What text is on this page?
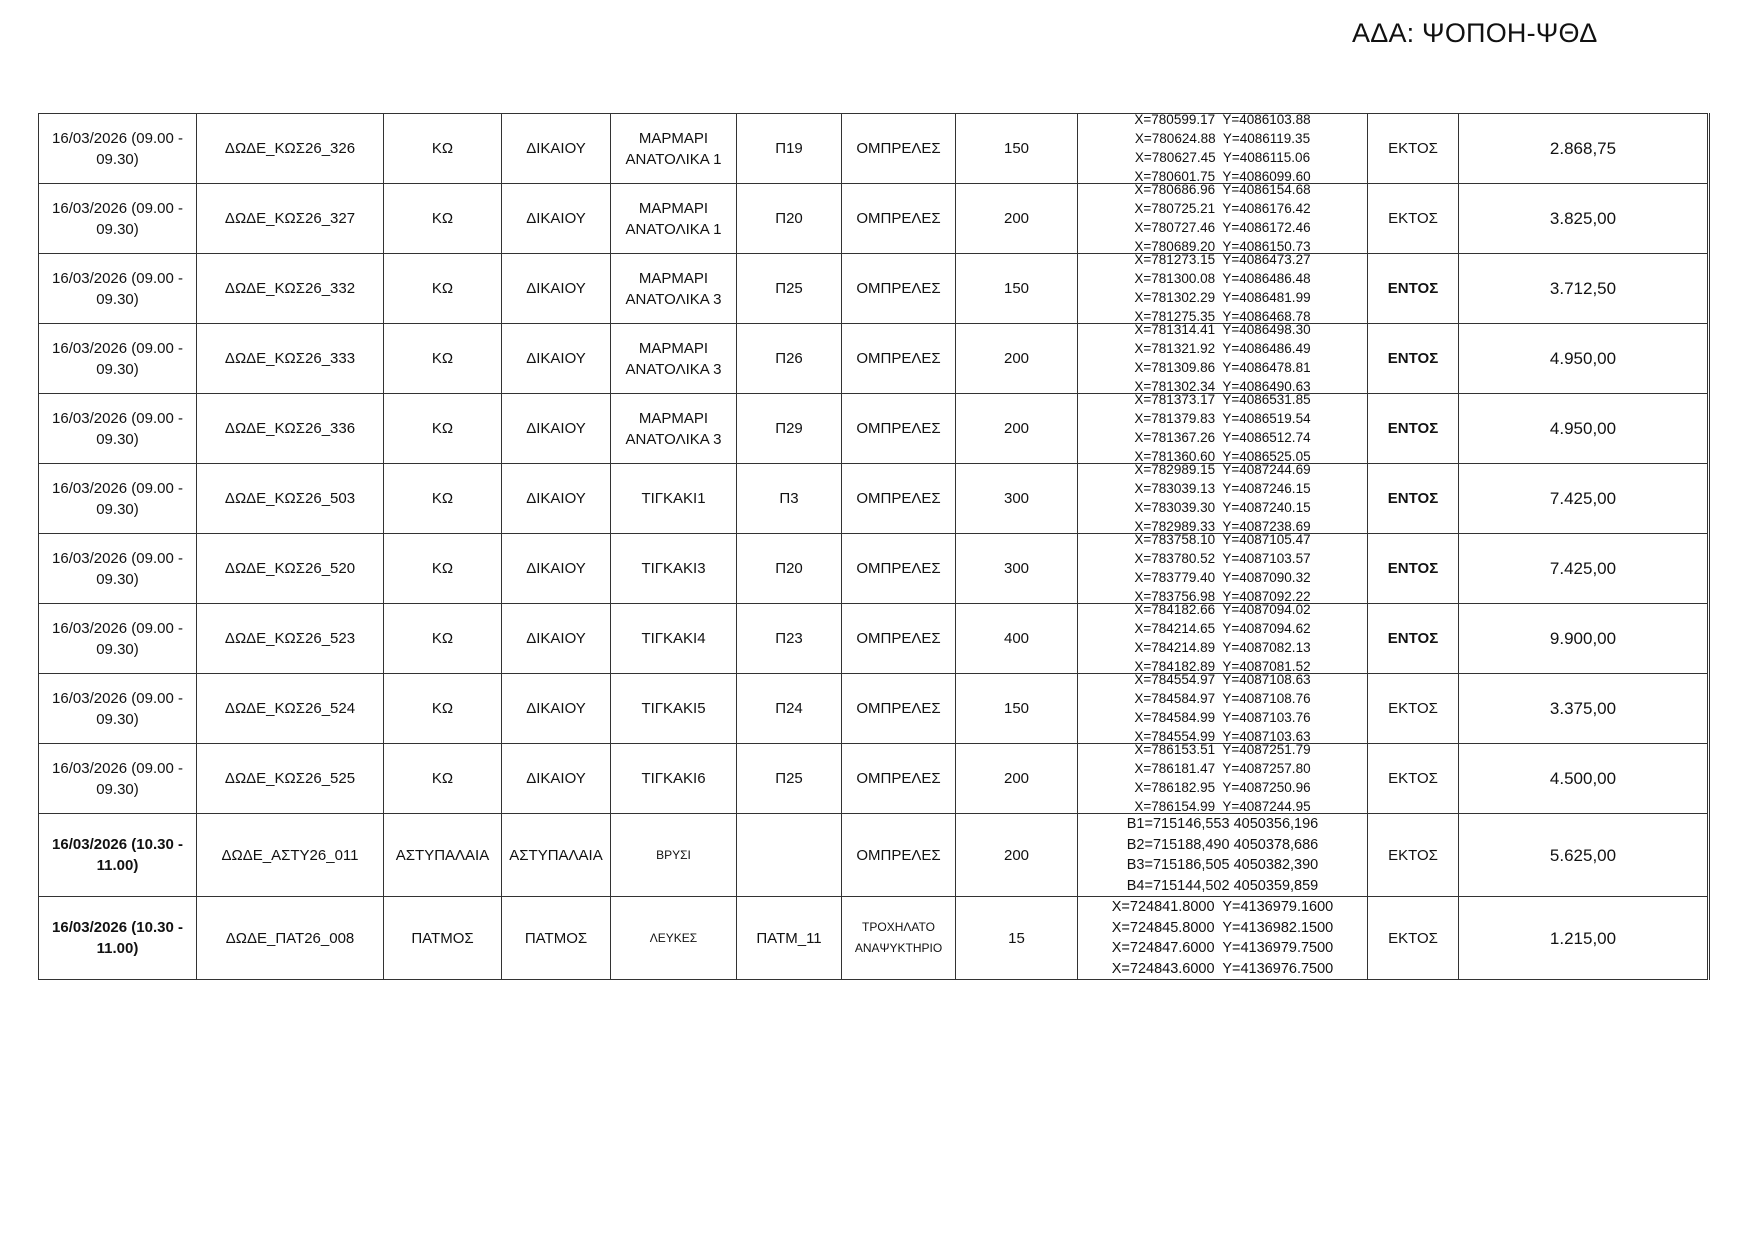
ΑΔΑ: ΨΟΠΟΗ-ΨΘΔ
16/03/2026 (09.00 - 09.30)	ΔΩΔΕ_ΚΩΣ26_326	ΚΩ	ΔΙΚΑΙΟΥ	ΜΑΡΜΑΡΙ ΑΝΑΤΟΛΙΚΑ 1	Π19	ΟΜΠΡΕΛΕΣ	150	X=780599.17  Y=4086103.88
X=780624.88  Y=4086119.35
X=780627.45  Y=4086115.06
X=780601.75  Y=4086099.60	ΕΚΤΟΣ	2.868,75
16/03/2026 (09.00 - 09.30)	ΔΩΔΕ_ΚΩΣ26_327	ΚΩ	ΔΙΚΑΙΟΥ	ΜΑΡΜΑΡΙ ΑΝΑΤΟΛΙΚΑ 1	Π20	ΟΜΠΡΕΛΕΣ	200	X=780686.96  Y=4086154.68
X=780725.21  Y=4086176.42
X=780727.46  Y=4086172.46
X=780689.20  Y=4086150.73	ΕΚΤΟΣ	3.825,00
16/03/2026 (09.00 - 09.30)	ΔΩΔΕ_ΚΩΣ26_332	ΚΩ	ΔΙΚΑΙΟΥ	ΜΑΡΜΑΡΙ ΑΝΑΤΟΛΙΚΑ 3	Π25	ΟΜΠΡΕΛΕΣ	150	X=781273.15  Y=4086473.27
X=781300.08  Y=4086486.48
X=781302.29  Y=4086481.99
X=781275.35  Y=4086468.78	ΕΝΤΟΣ	3.712,50
16/03/2026 (09.00 - 09.30)	ΔΩΔΕ_ΚΩΣ26_333	ΚΩ	ΔΙΚΑΙΟΥ	ΜΑΡΜΑΡΙ ΑΝΑΤΟΛΙΚΑ 3	Π26	ΟΜΠΡΕΛΕΣ	200	X=781314.41  Y=4086498.30
X=781321.92  Y=4086486.49
X=781309.86  Y=4086478.81
X=781302.34  Y=4086490.63	ΕΝΤΟΣ	4.950,00
16/03/2026 (09.00 - 09.30)	ΔΩΔΕ_ΚΩΣ26_336	ΚΩ	ΔΙΚΑΙΟΥ	ΜΑΡΜΑΡΙ ΑΝΑΤΟΛΙΚΑ 3	Π29	ΟΜΠΡΕΛΕΣ	200	X=781373.17  Y=4086531.85
X=781379.83  Y=4086519.54
X=781367.26  Y=4086512.74
X=781360.60  Y=4086525.05	ΕΝΤΟΣ	4.950,00
16/03/2026 (09.00 - 09.30)	ΔΩΔΕ_ΚΩΣ26_503	ΚΩ	ΔΙΚΑΙΟΥ	ΤΙΓΚΑΚΙ1	Π3	ΟΜΠΡΕΛΕΣ	300	X=782989.15  Y=4087244.69
X=783039.13  Y=4087246.15
X=783039.30  Y=4087240.15
X=782989.33  Y=4087238.69	ΕΝΤΟΣ	7.425,00
16/03/2026 (09.00 - 09.30)	ΔΩΔΕ_ΚΩΣ26_520	ΚΩ	ΔΙΚΑΙΟΥ	ΤΙΓΚΑΚΙ3	Π20	ΟΜΠΡΕΛΕΣ	300	X=783758.10  Y=4087105.47
X=783780.52  Y=4087103.57
X=783779.40  Y=4087090.32
X=783756.98  Y=4087092.22	ΕΝΤΟΣ	7.425,00
16/03/2026 (09.00 - 09.30)	ΔΩΔΕ_ΚΩΣ26_523	ΚΩ	ΔΙΚΑΙΟΥ	ΤΙΓΚΑΚΙ4	Π23	ΟΜΠΡΕΛΕΣ	400	X=784182.66  Y=4087094.02
X=784214.65  Y=4087094.62
X=784214.89  Y=4087082.13
X=784182.89  Y=4087081.52	ΕΝΤΟΣ	9.900,00
16/03/2026 (09.00 - 09.30)	ΔΩΔΕ_ΚΩΣ26_524	ΚΩ	ΔΙΚΑΙΟΥ	ΤΙΓΚΑΚΙ5	Π24	ΟΜΠΡΕΛΕΣ	150	X=784554.97  Y=4087108.63
X=784584.97  Y=4087108.76
X=784584.99  Y=4087103.76
X=784554.99  Y=4087103.63	ΕΚΤΟΣ	3.375,00
16/03/2026 (09.00 - 09.30)	ΔΩΔΕ_ΚΩΣ26_525	ΚΩ	ΔΙΚΑΙΟΥ	ΤΙΓΚΑΚΙ6	Π25	ΟΜΠΡΕΛΕΣ	200	X=786153.51  Y=4087251.79
X=786181.47  Y=4087257.80
X=786182.95  Y=4087250.96
X=786154.99  Y=4087244.95	ΕΚΤΟΣ	4.500,00
16/03/2026 (10.30 - 11.00)	ΔΩΔΕ_ΑΣΤΥ26_011	ΑΣΤΥΠΑΛΑΙΑ	ΑΣΤΥΠΑΛΑΙΑ	ΒΡΥΣΙ		ΟΜΠΡΕΛΕΣ	200	B1=715146,553 4050356,196
B2=715188,490 4050378,686
B3=715186,505 4050382,390
B4=715144,502 4050359,859	ΕΚΤΟΣ	5.625,00
16/03/2026 (10.30 - 11.00)	ΔΩΔΕ_ΠΑΤ26_008	ΠΑΤΜΟΣ	ΠΑΤΜΟΣ	ΛΕΥΚΕΣ	ΠΑΤΜ_11	ΤΡΟΧΗΛΑΤΟ ΑΝΑΨΥΚΤΗΡΙΟ	15	X=724841.8000  Y=4136979.1600
X=724845.8000  Y=4136982.1500
X=724847.6000  Y=4136979.7500
X=724843.6000  Y=4136976.7500	ΕΚΤΟΣ	1.215,00
